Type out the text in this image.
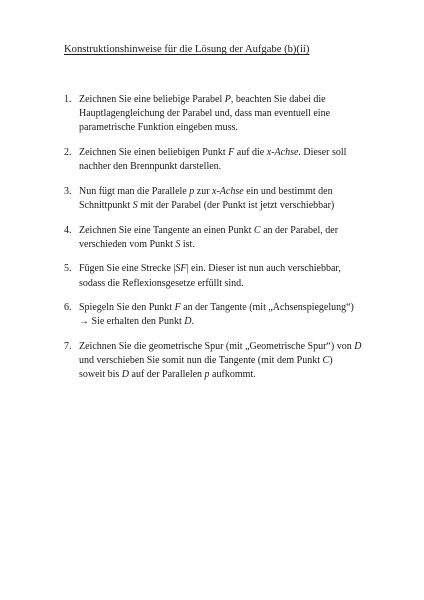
Konstruktionshinweise für die Lösung der Aufgabe (b)(ii)
1. Zeichnen Sie eine beliebige Parabel P, beachten Sie dabei die
Hauptlagengleichung der Parabel und, dass man eventuell eine
parametrische Funktion eingeben muss.
2. Zeichnen Sie einen beliebigen Punkt F auf die x-Achse. Dieser soll
nachher den Brennpunkt darstellen.
3. Nun fügt man die Parallele p zur x-Achse ein und bestimmt den
Schnittpunkt S mit der Parabel (der Punkt ist jetzt verschiebbar)
4. Zeichnen Sie eine Tangente an einen Punkt C an der Parabel, der
verschieden vom Punkt S ist.
5. Fügen Sie eine Strecke |SF| ein. Dieser ist nun auch verschiebbar,
sodass die Reflexionsgesetze erfüllt sind.
6. Spiegeln Sie den Punkt F an der Tangente (mit „Achsenspiegelung“)
→ Sie erhalten den Punkt D.
7. Zeichnen Sie die geometrische Spur (mit „Geometrische Spur“) von D
und verschieben Sie somit nun die Tangente (mit dem Punkt C)
soweit bis D auf der Parallelen p aufkommt.
